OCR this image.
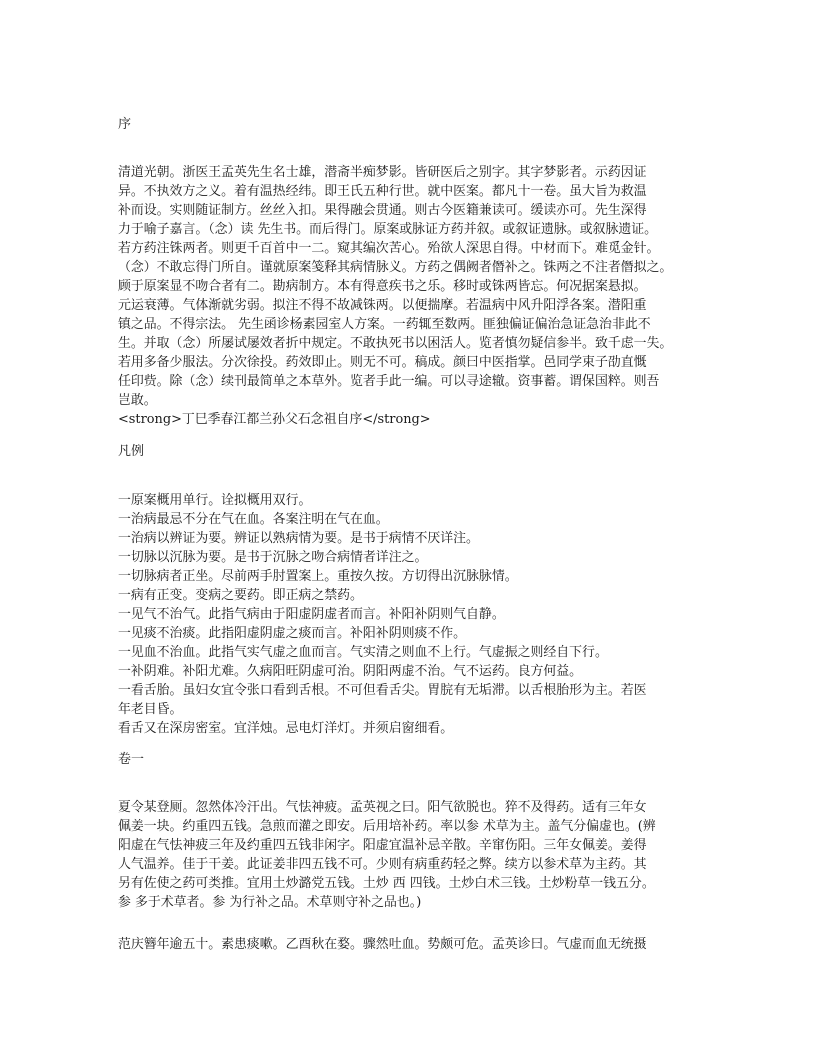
序
清道光朝。浙医王孟英先生名士雄，潜斋半痴梦影。皆研医后之别字。其字梦影者。示药因证
异。不执效方之义。着有温热经纬。即王氏五种行世。就中医案。都凡十一卷。虽大旨为救温
补而设。实则随证制方。丝丝入扣。果得融会贯通。则古今医籍兼读可。缓读亦可。先生深得
力于喻子嘉言。（念）读 先生书。而后得门。原案或脉证方药并叙。或叙证遗脉。或叙脉遗证。
若方药注铢两者。则更千百首中一二。窥其编次苦心。殆欲人深思自得。中材而下。难觅金针。
（念）不敢忘得门所自。谨就原案笺释其病情脉义。方药之偶阙者僭补之。铢两之不注者僭拟之。
顾于原案显不吻合者有二。勘病制方。本有得意疾书之乐。移时或铢两皆忘。何况据案悬拟。
元运衰薄。气体渐就劣弱。拟注不得不故减铢两。以便揣摩。若温病中风升阳浮各案。潜阳重
镇之品。不得宗法。 先生函诊杨素园室人方案。一药辄至数两。匪独偏证偏治急证急治非此不
生。并取（念）所屡试屡效者折中规定。不敢执死书以困活人。览者慎勿疑信参半。致千虑一失。
若用多备少服法。分次徐投。药效即止。则无不可。稿成。颜曰中医指掌。邑同学束子劭直慨
任印赀。除（念）续刊最简单之本草外。览者手此一编。可以寻途辙。资事蓄。谓保国粹。则吾
岂敢。
<strong>丁巳季春江都兰孙父石念祖自序</strong>
凡例
一原案概用单行。诠拟概用双行。
一治病最忌不分在气在血。各案注明在气在血。
一治病以辨证为要。辨证以熟病情为要。是书于病情不厌详注。
一切脉以沉脉为要。是书于沉脉之吻合病情者详注之。
一切脉病者正坐。尽前两手肘置案上。重按久按。方切得出沉脉脉情。
一病有正变。变病之要药。即正病之禁药。
一见气不治气。此指气病由于阳虚阴虚者而言。补阳补阴则气自静。
一见痰不治痰。此指阳虚阴虚之痰而言。补阳补阴则痰不作。
一见血不治血。此指气实气虚之血而言。气实清之则血不上行。气虚振之则经自下行。
一补阴难。补阳尤难。久病阳旺阴虚可治。阴阳两虚不治。气不运药。良方何益。
一看舌胎。虽妇女宜令张口看到舌根。不可但看舌尖。胃脘有无垢滞。以舌根胎形为主。若医
年老目昏。
看舌又在深房密室。宜洋烛。忌电灯洋灯。并须启窗细看。
卷一
夏令某登厕。忽然体冷汗出。气怯神疲。孟英视之曰。阳气欲脱也。猝不及得药。适有三年女
佩姜一块。约重四五钱。急煎而灌之即安。后用培补药。率以参 术草为主。盖气分偏虚也。(辨
阳虚在气怯神疲三年及约重四五钱非闲字。阳虚宜温补忌辛散。辛窜伤阳。三年女佩姜。姜得
人气温养。佳于干姜。此证姜非四五钱不可。少则有病重药轻之弊。续方以参术草为主药。其
另有佐使之药可类推。宜用土炒潞党五钱。土炒 西 四钱。土炒白术三钱。土炒粉草一钱五分。
参 多于术草者。参 为行补之品。术草则守补之品也。)
范庆簪年逾五十。素患痰嗽。乙酉秋在婺。骤然吐血。势颇可危。孟英诊曰。气虚而血无统摄
